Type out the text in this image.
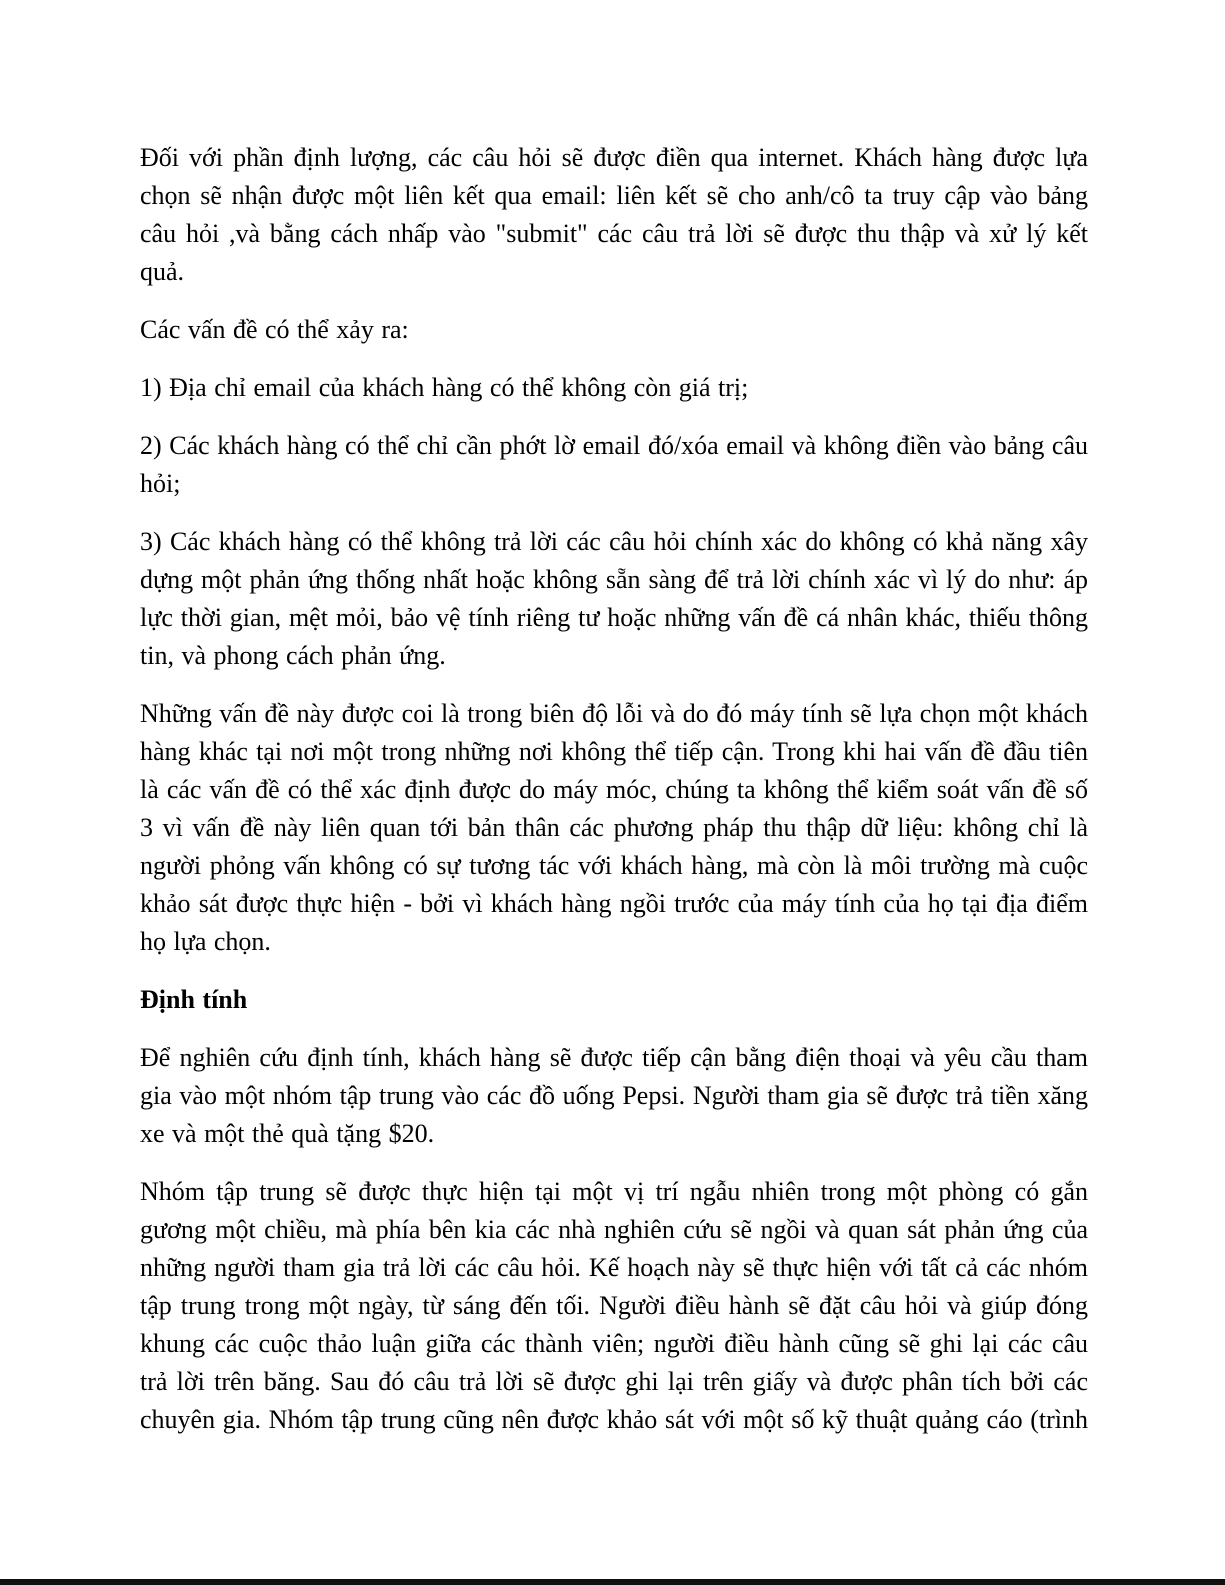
Đối với phần định lượng, các câu hỏi sẽ được điền qua internet. Khách hàng được lựa chọn sẽ nhận được một liên kết qua email: liên kết sẽ cho anh/cô ta truy cập vào bảng câu hỏi ,và bằng cách nhấp vào "submit" các câu trả lời sẽ được thu thập và xử lý kết quả.

Các vấn đề có thể xảy ra:

1) Địa chỉ email của khách hàng có thể không còn giá trị;

2) Các khách hàng có thể chỉ cần phớt lờ email đó/xóa email và không điền vào bảng câu hỏi;

3) Các khách hàng có thể không trả lời các câu hỏi chính xác do không có khả năng xây dựng một phản ứng thống nhất hoặc không sẵn sàng để trả lời chính xác vì lý do như: áp lực thời gian, mệt mỏi, bảo vệ tính riêng tư hoặc những vấn đề cá nhân khác, thiếu thông tin, và phong cách phản ứng.

Những vấn đề này được coi là trong biên độ lỗi và do đó máy tính sẽ lựa chọn một khách hàng khác tại nơi một trong những nơi không thể tiếp cận. Trong khi hai vấn đề đầu tiên là các vấn đề có thể xác định được do máy móc, chúng ta không thể kiểm soát vấn đề số 3 vì vấn đề này liên quan tới bản thân các phương pháp thu thập dữ liệu: không chỉ là người phỏng vấn không có sự tương tác với khách hàng, mà còn là môi trường mà cuộc khảo sát được thực hiện - bởi vì khách hàng ngồi trước của máy tính của họ tại địa điểm họ lựa chọn.

Định tính

Để nghiên cứu định tính, khách hàng sẽ được tiếp cận bằng điện thoại và yêu cầu tham gia vào một nhóm tập trung vào các đồ uống Pepsi. Người tham gia sẽ được trả tiền xăng xe và một thẻ quà tặng $20.

Nhóm tập trung sẽ được thực hiện tại một vị trí ngẫu nhiên trong một phòng có gắn gương một chiều, mà phía bên kia các nhà nghiên cứu sẽ ngồi và quan sát phản ứng của những người tham gia trả lời các câu hỏi. Kế hoạch này sẽ thực hiện với tất cả các nhóm tập trung trong một ngày, từ sáng đến tối. Người điều hành sẽ đặt câu hỏi và giúp đóng khung các cuộc thảo luận giữa các thành viên; người điều hành cũng sẽ ghi lại các câu trả lời trên băng. Sau đó câu trả lời sẽ được ghi lại trên giấy và được phân tích bởi các chuyên gia. Nhóm tập trung cũng nên được khảo sát với một số kỹ thuật quảng cáo (trình
